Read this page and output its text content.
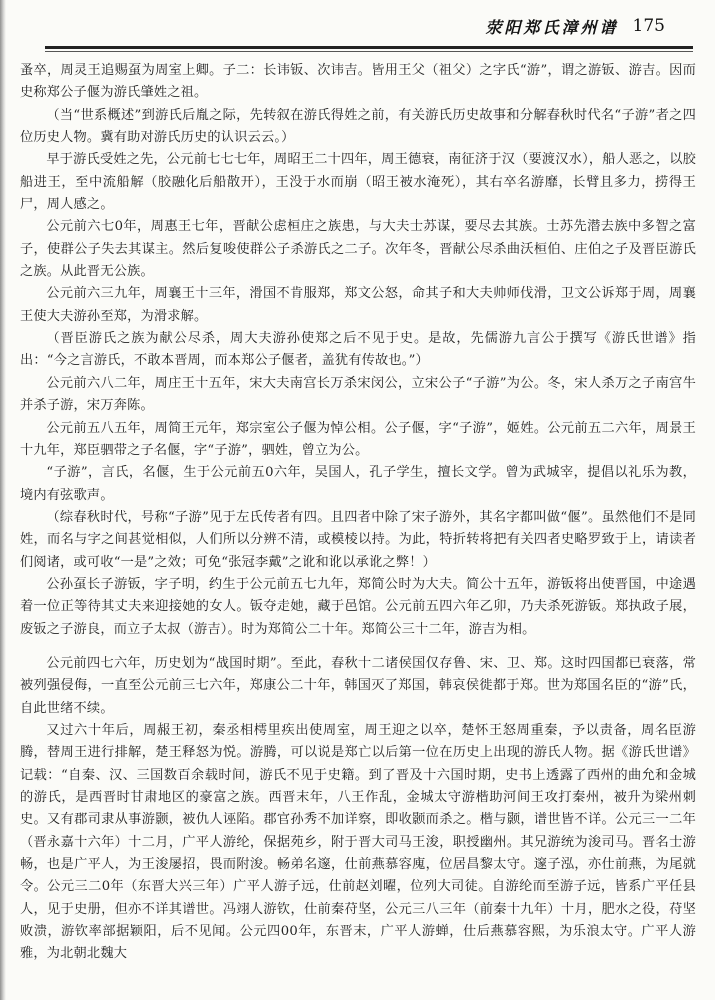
荥阳郑氏漳州谱 175

蚤卒，周灵王追赐虿为周室上卿。子二：长讳钣、次讳吉。皆用王父（祖父）之字氏“游”，谓之游钣、游吉。因而史称郑公子偃为游氏肇姓之祖。

（当“世系概述”到游氏后胤之际，先转叙在游氏得姓之前，有关游氏历史故事和分解春秋时代名“子游”者之四位历史人物。冀有助对游氏历史的认识云云。）

早于游氏受姓之先，公元前七七七年，周昭王二十四年，周王德衰，南征济于汉（要渡汉水），船人恶之，以胶船进王，至中流船解（胶融化后船散开），王没于水而崩（昭王被水淹死），其右卒名游靡，长臂且多力，捞得王尸，周人感之。

公元前六七0年，周惠王七年，晋献公虑桓庄之族患，与大夫士苏谋，要尽去其族。士苏先潜去族中多智之富子，使群公子失去其谋主。然后复唆使群公子杀游氏之二子。次年冬，晋献公尽杀曲沃桓伯、庄伯之子及晋臣游氏之族。从此晋无公族。

公元前六三九年，周襄王十三年，滑国不肯服郑，郑文公怒，命其子和大夫帅师伐滑，卫文公诉郑于周，周襄王使大夫游孙至郑，为滑求解。

（晋臣游氏之族为献公尽杀，周大夫游孙使郑之后不见于史。是故，先儒游九言公于撰写《游氏世谱》指出：“今之言游氏，不敢本晋周，而本郑公子偃者，盖犹有传故也。”）

公元前六八二年，周庄王十五年，宋大夫南宫长万杀宋闵公，立宋公子“子游”为公。冬，宋人杀万之子南宫牛并杀子游，宋万奔陈。

公元前五八五年，周简王元年，郑宗室公子偃为悼公相。公子偃，字“子游”，姬姓。公元前五二六年，周景王十九年，郑臣驷带之子名偃，字“子游”，驷姓，曾立为公。

“子游”，言氏，名偃，生于公元前五0六年，吴国人，孔子学生，擅长文学。曾为武城宰，提倡以礼乐为教，境内有弦歌声。

（综春秋时代，号称“子游”见于左氏传者有四。且四者中除了宋子游外，其名字都叫做“偃”。虽然他们不是同姓，而名与字之间甚觉相似，人们所以分辨不清，或模棱以持。为此，特折转将把有关四者史略罗致于上，请读者们阅诸，或可收“一是”之效；可免“张冠李戴”之讹和讹以承讹之弊！）

公孙虿长子游钣，字子明，约生于公元前五七九年，郑简公时为大夫。简公十五年，游钣将出使晋国，中途遇着一位正等待其丈夫来迎接她的女人。钣夺走她，藏于邑馆。公元前五四六年乙卯，乃夫杀死游钣。郑执政子展，废钣之子游良，而立子太叔（游吉）。时为郑简公二十年。郑简公三十二年，游吉为相。

公元前四七六年，历史划为“战国时期”。至此，春秋十二诸侯国仅存鲁、宋、卫、郑。这时四国都已衰落，常被列强侵侮，一直至公元前三七六年，郑康公二十年，韩国灭了郑国，韩哀侯徙都于郑。世为郑国名臣的“游”氏，自此世绪不续。

又过六十年后，周赧王初，秦丞相樗里疾出使周室，周王迎之以卒，楚怀王怒周重秦，予以责备，周名臣游腾，替周王进行排解，楚王释怒为悦。游腾，可以说是郑亡以后第一位在历史上出现的游氏人物。据《游氏世谱》记载：“自秦、汉、三国数百余载时间，游氏不见于史籍。到了晋及十六国时期，史书上透露了西州的曲允和金城的游氏，是西晋时甘肃地区的豪富之族。西晋末年，八王作乱，金城太守游楷助河间王攻打秦州，被升为梁州刺史。又有郡司隶从事游颢，被仇人诬陷。郡官孙秀不加详察，即收颢而杀之。楷与颢，谱世皆不详。公元三一二年（晋永嘉十六年）十二月，广平人游纶，保据苑乡，附于晋大司马王浚，职授幽州。其兄游统为浚司马。晋名士游畅，也是广平人，为王浚屡招，畏而附浚。畅弟名邃，仕前燕慕容廆，位居昌黎太守。邃子泓，亦仕前燕，为尾就令。公元三二0年（东晋大兴三年）广平人游子远，仕前赵刘曜，位列大司徒。自游纶而至游子远，皆系广平任县人，见于史册，但亦不详其谱世。冯翊人游钦，仕前秦苻坚，公元三八三年（前秦十九年）十月，肥水之役，苻坚败溃，游钦率部据颖阳，后不见闻。公元四00年，东晋末，广平人游蝉，仕后燕慕容熙，为乐浪太守。广平人游雅，为北朝北魏大
